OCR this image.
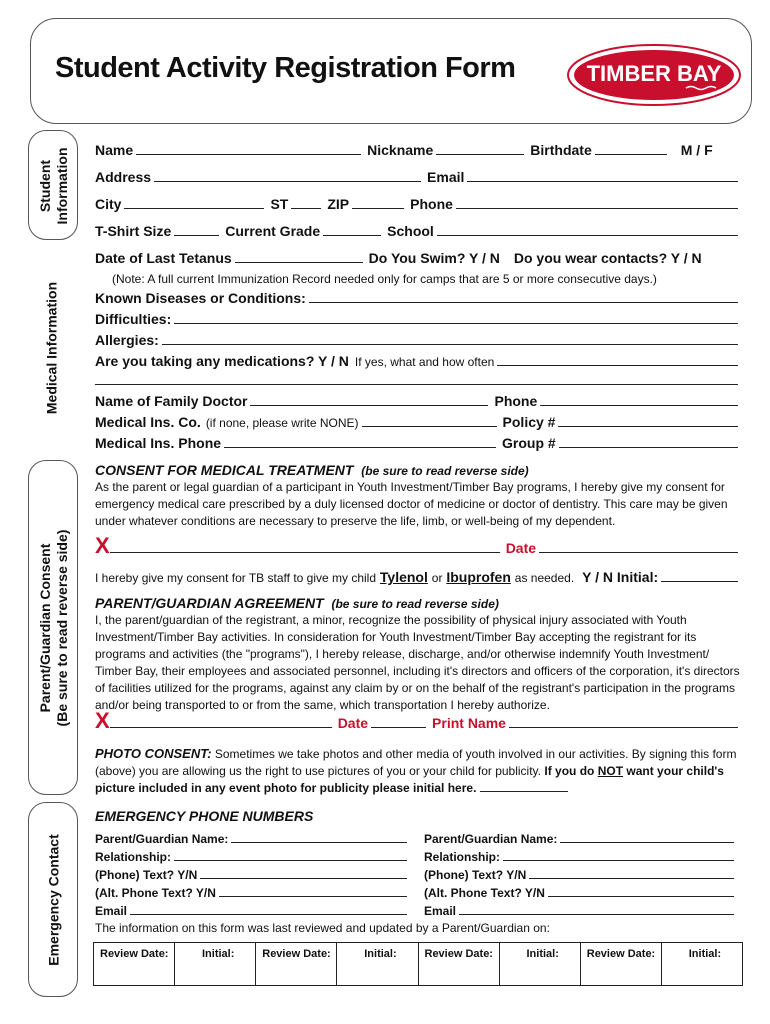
Student Activity Registration Form	TIMBER BAY
Student Information
Medical Information
Parent/Guardian Consent (Be sure to read reverse side)
Emergency Contact
Name	Nickname	Birthdate	M / F
Address	Email
City	ST	ZIP	Phone
T-Shirt Size	Current Grade	School
Date of Last Tetanus	Do You Swim? Y / N Do you wear contacts? Y / N
(Note: A full current Immunization Record needed only for camps that are 5 or more consecutive days.)
Known Diseases or Conditions:
Difficulties:
Allergies:
Are you taking any medications? Y / N If yes, what and how often
Name of Family Doctor	Phone
Medical Ins. Co. (if none, please write NONE)	Policy #
Medical Ins. Phone	Group #
CONSENT FOR MEDICAL TREATMENT (be sure to read reverse side)
As the parent or legal guardian of a participant in Youth Investment/Timber Bay programs, I hereby give my consent for emergency medical care prescribed by a duly licensed doctor of medicine or doctor of dentistry. This care may be given under whatever conditions are necessary to preserve the life, limb, or well-being of my dependent.
X	Date
I hereby give my consent for TB staff to give my child
Tylenol
or
Ibuprofen
as needed. Y / N Initial:
PARENT/GUARDIAN AGREEMENT (be sure to read reverse side)
I, the parent/guardian of the registrant, a minor, recognize the possibility of physical injury associated with Youth Investment/Timber Bay activities. In consideration for Youth Investment/Timber Bay accepting the registrant for its programs and activities (the "programs"), I hereby release, discharge, and/or otherwise indemnify Youth Investment/ Timber Bay, their employees and associated personnel, including it's directors and officers of the corporation, it's directors of facilities utilized for the programs, against any claim by or on the behalf of the registrant's participation in the programs and/or being transported to or from the same, which transportation I hereby authorize.
X	Date	Print Name
PHOTO CONSENT: Sometimes we take photos and other media of youth involved in our activities. By signing this form (above) you are allowing us the right to use pictures of you or your child for publicity. If you do NOT want your child's picture included in any event photo for publicity please initial here.
EMERGENCY PHONE NUMBERS
Parent/Guardian Name:
Relationship:
(Phone) Text? Y/N
(Alt. Phone Text? Y/N
Email
Parent/Guardian Name:
Relationship:
(Phone) Text? Y/N
(Alt. Phone Text? Y/N
Email
The information on this form was last reviewed and updated by a Parent/Guardian on:
Review Date:	Initial:	Review Date:	Initial:	Review Date:	Initial:	Review Date:	Initial:
